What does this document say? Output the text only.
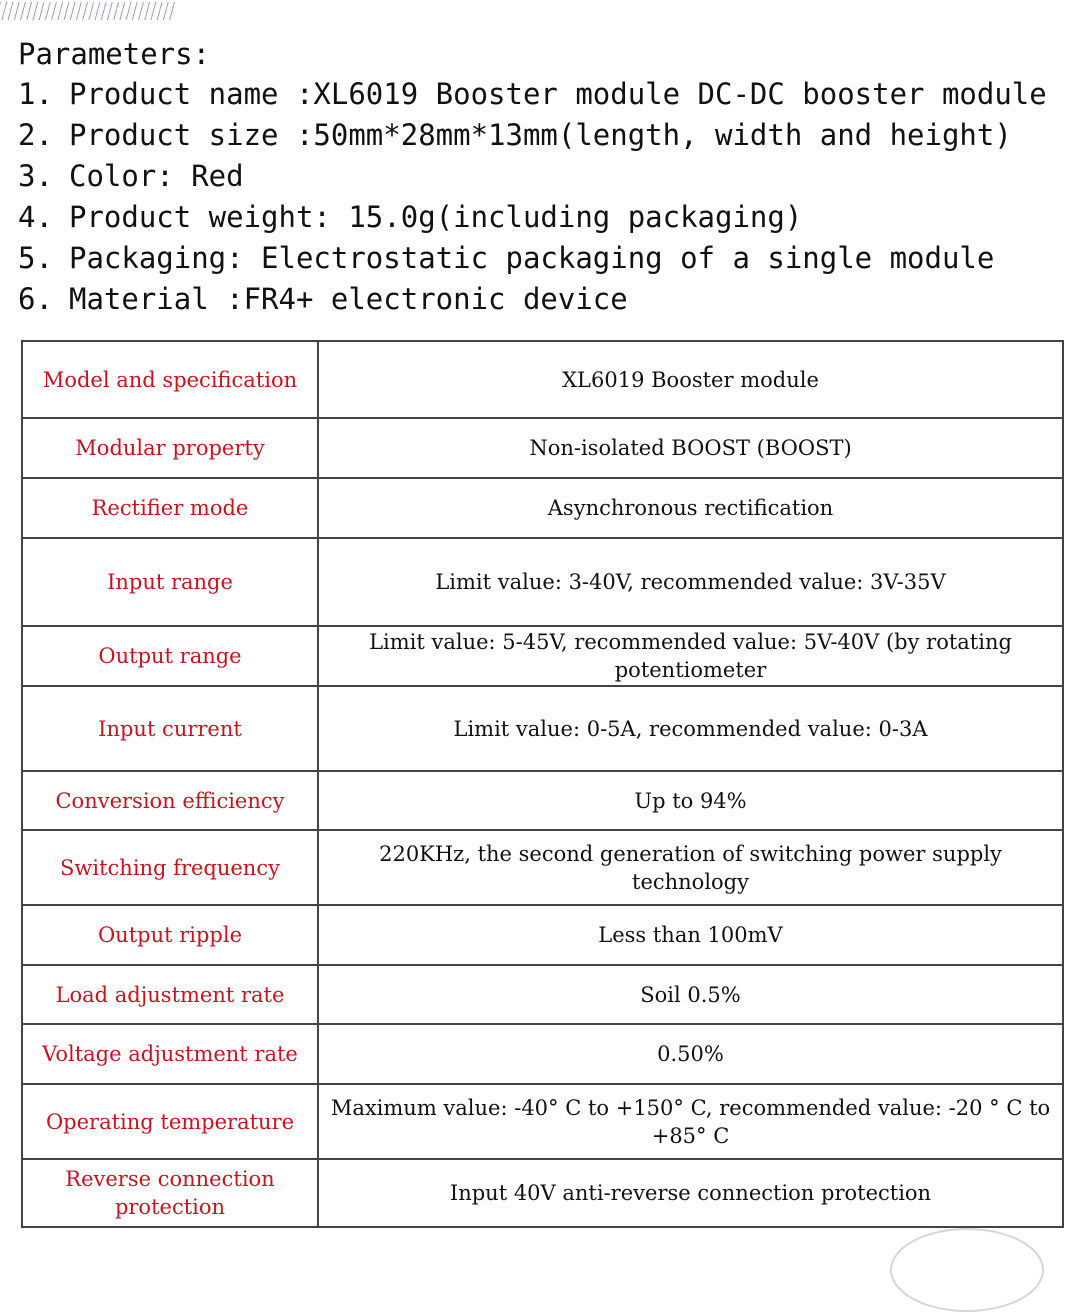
Parameters:
1. Product name :XL6019 Booster module DC-DC booster module
2. Product size :50mm*28mm*13mm(length, width and height)
3. Color: Red
4. Product weight: 15.0g(including packaging)
5. Packaging: Electrostatic packaging of a single module
6. Material :FR4+ electronic device
Model and specification	XL6019 Booster module
Modular property	Non-isolated BOOST (BOOST)
Rectifier mode	Asynchronous rectification
Input range	Limit value: 3-40V, recommended value: 3V-35V
Output range	Limit value: 5-45V, recommended value: 5V-40V (by rotating potentiometer
Input current	Limit value: 0-5A, recommended value: 0-3A
Conversion efficiency	Up to 94%
Switching frequency	220KHz, the second generation of switching power supply technology
Output ripple	Less than 100mV
Load adjustment rate	Soil 0.5%
Voltage adjustment rate	0.50%
Operating temperature	Maximum value: -40° C to +150° C, recommended value: -20 ° C to +85° C
Reverse connection protection	Input 40V anti-reverse connection protection
